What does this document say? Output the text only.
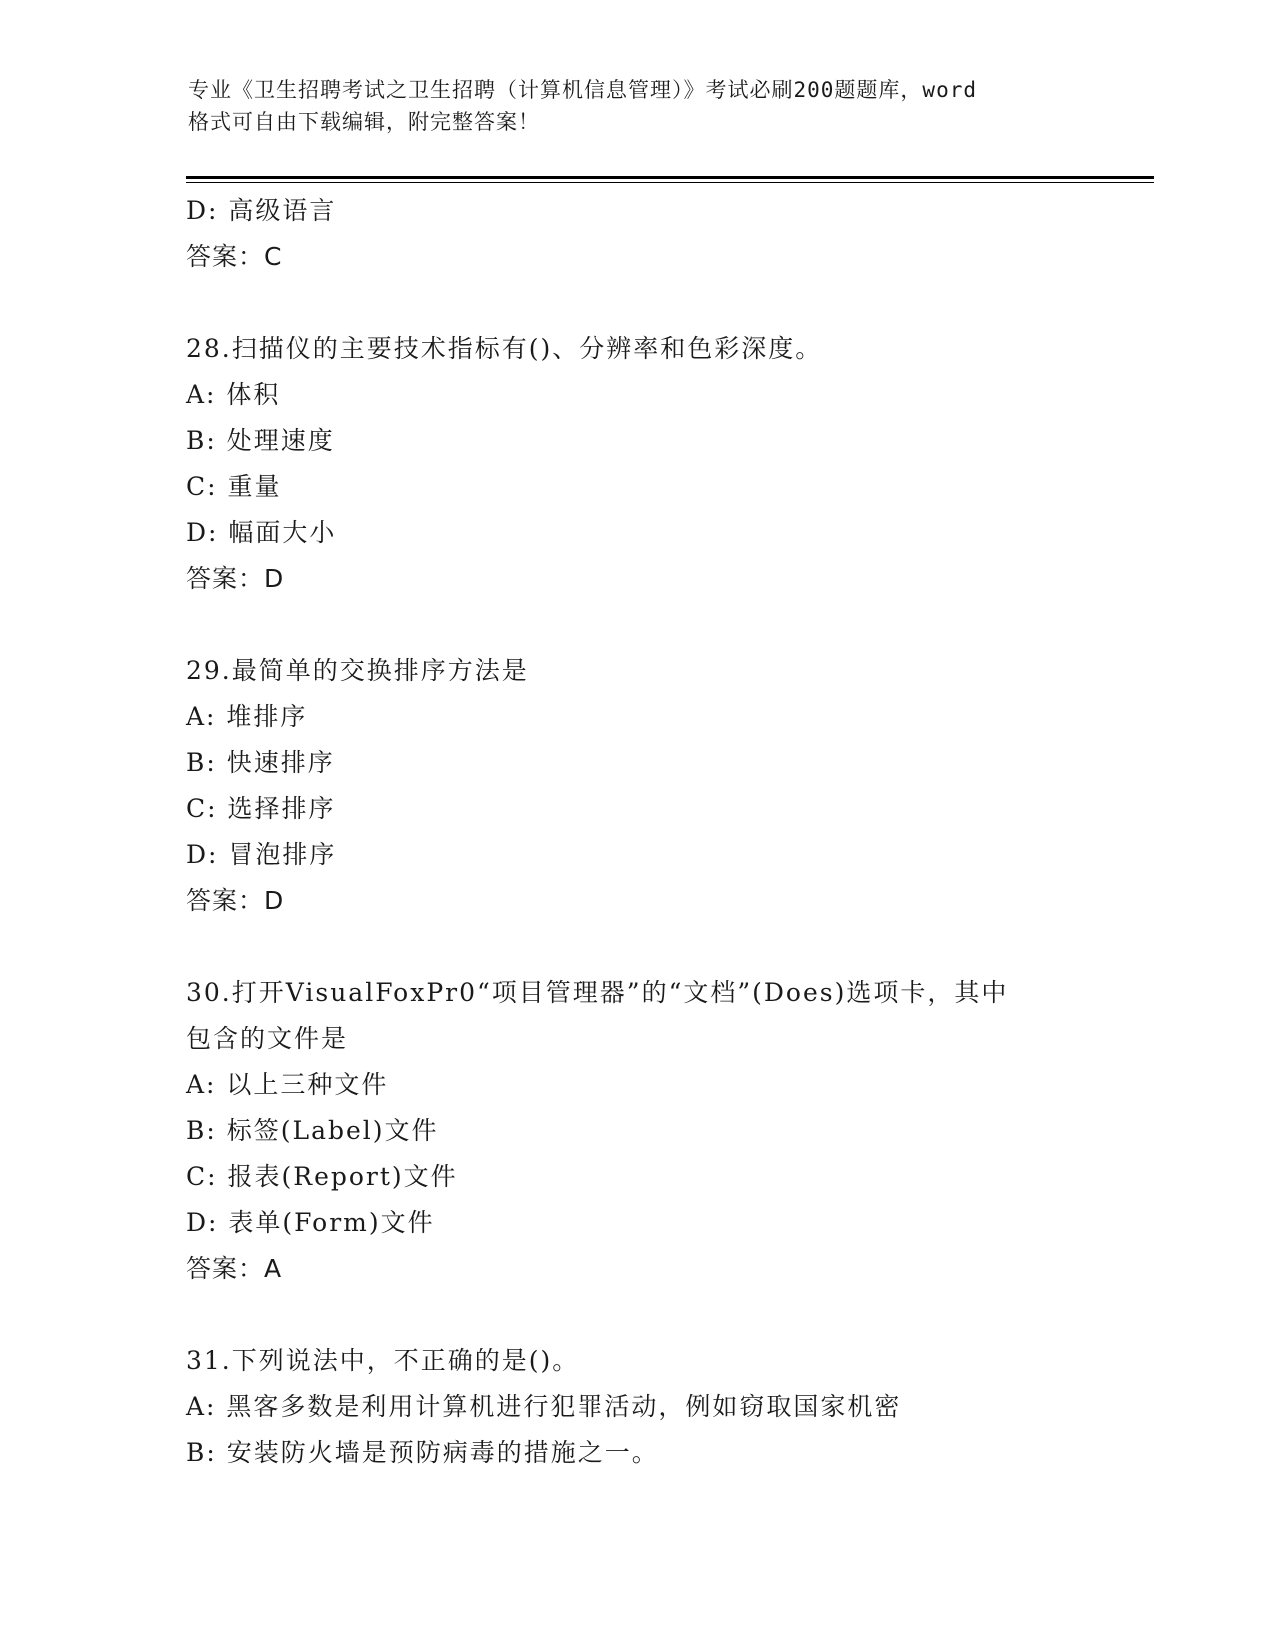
专业《卫生招聘考试之卫生招聘（计算机信息管理）》考试必刷200题题库，word
格式可自由下载编辑，附完整答案！
D: 高级语言
答案：C
28.扫描仪的主要技术指标有()、分辨率和色彩深度。
A: 体积
B: 处理速度
C: 重量
D: 幅面大小
答案：D
29.最简单的交换排序方法是
A: 堆排序
B: 快速排序
C: 选择排序
D: 冒泡排序
答案：D
30.打开VisualFoxPr0“项目管理器”的“文档”(Does)选项卡，其中
包含的文件是
A: 以上三种文件
B: 标签(Label)文件
C: 报表(Report)文件
D: 表单(Form)文件
答案：A
31.下列说法中，不正确的是()。
A: 黑客多数是利用计算机进行犯罪活动，例如窃取国家机密
B: 安装防火墙是预防病毒的措施之一。
